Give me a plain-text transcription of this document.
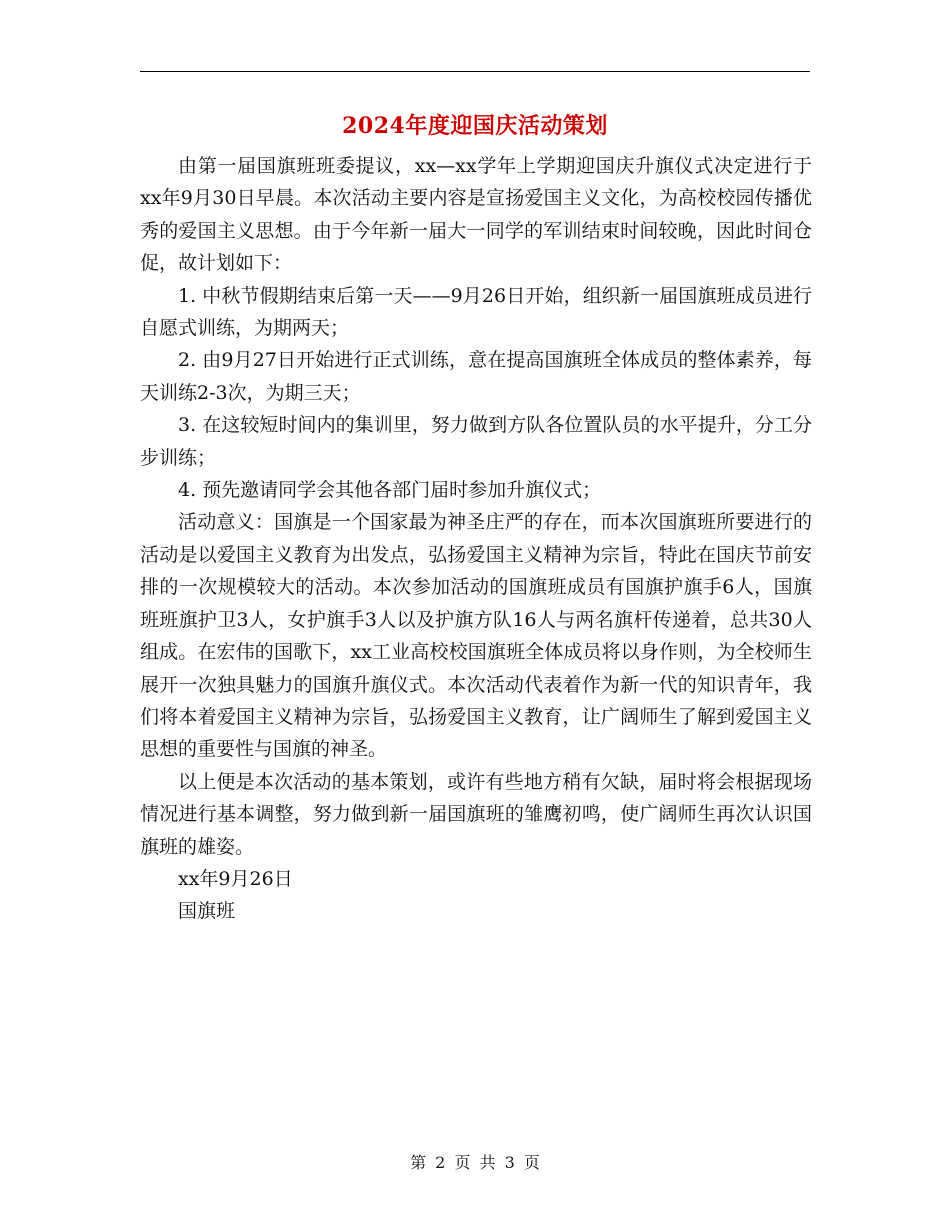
2024年度迎国庆活动策划

由第一届国旗班班委提议，xx—xx学年上学期迎国庆升旗仪式决定进行于xx年9月30日早晨。本次活动主要内容是宣扬爱国主义文化，为高校校园传播优秀的爱国主义思想。由于今年新一届大一同学的军训结束时间较晚，因此时间仓促，故计划如下：

1. 中秋节假期结束后第一天——9月26日开始，组织新一届国旗班成员进行自愿式训练，为期两天；

2. 由9月27日开始进行正式训练，意在提高国旗班全体成员的整体素养，每天训练2-3次，为期三天；

3. 在这较短时间内的集训里，努力做到方队各位置队员的水平提升，分工分步训练；

4. 预先邀请同学会其他各部门届时参加升旗仪式；

活动意义：国旗是一个国家最为神圣庄严的存在，而本次国旗班所要进行的活动是以爱国主义教育为出发点，弘扬爱国主义精神为宗旨，特此在国庆节前安排的一次规模较大的活动。本次参加活动的国旗班成员有国旗护旗手6人，国旗班班旗护卫3人，女护旗手3人以及护旗方队16人与两名旗杆传递着，总共30人组成。在宏伟的国歌下，xx工业高校校国旗班全体成员将以身作则，为全校师生展开一次独具魅力的国旗升旗仪式。本次活动代表着作为新一代的知识青年，我们将本着爱国主义精神为宗旨，弘扬爱国主义教育，让广阔师生了解到爱国主义思想的重要性与国旗的神圣。

以上便是本次活动的基本策划，或许有些地方稍有欠缺，届时将会根据现场情况进行基本调整，努力做到新一届国旗班的雏鹰初鸣，使广阔师生再次认识国旗班的雄姿。

xx年9月26日

国旗班

第 2 页 共 3 页
